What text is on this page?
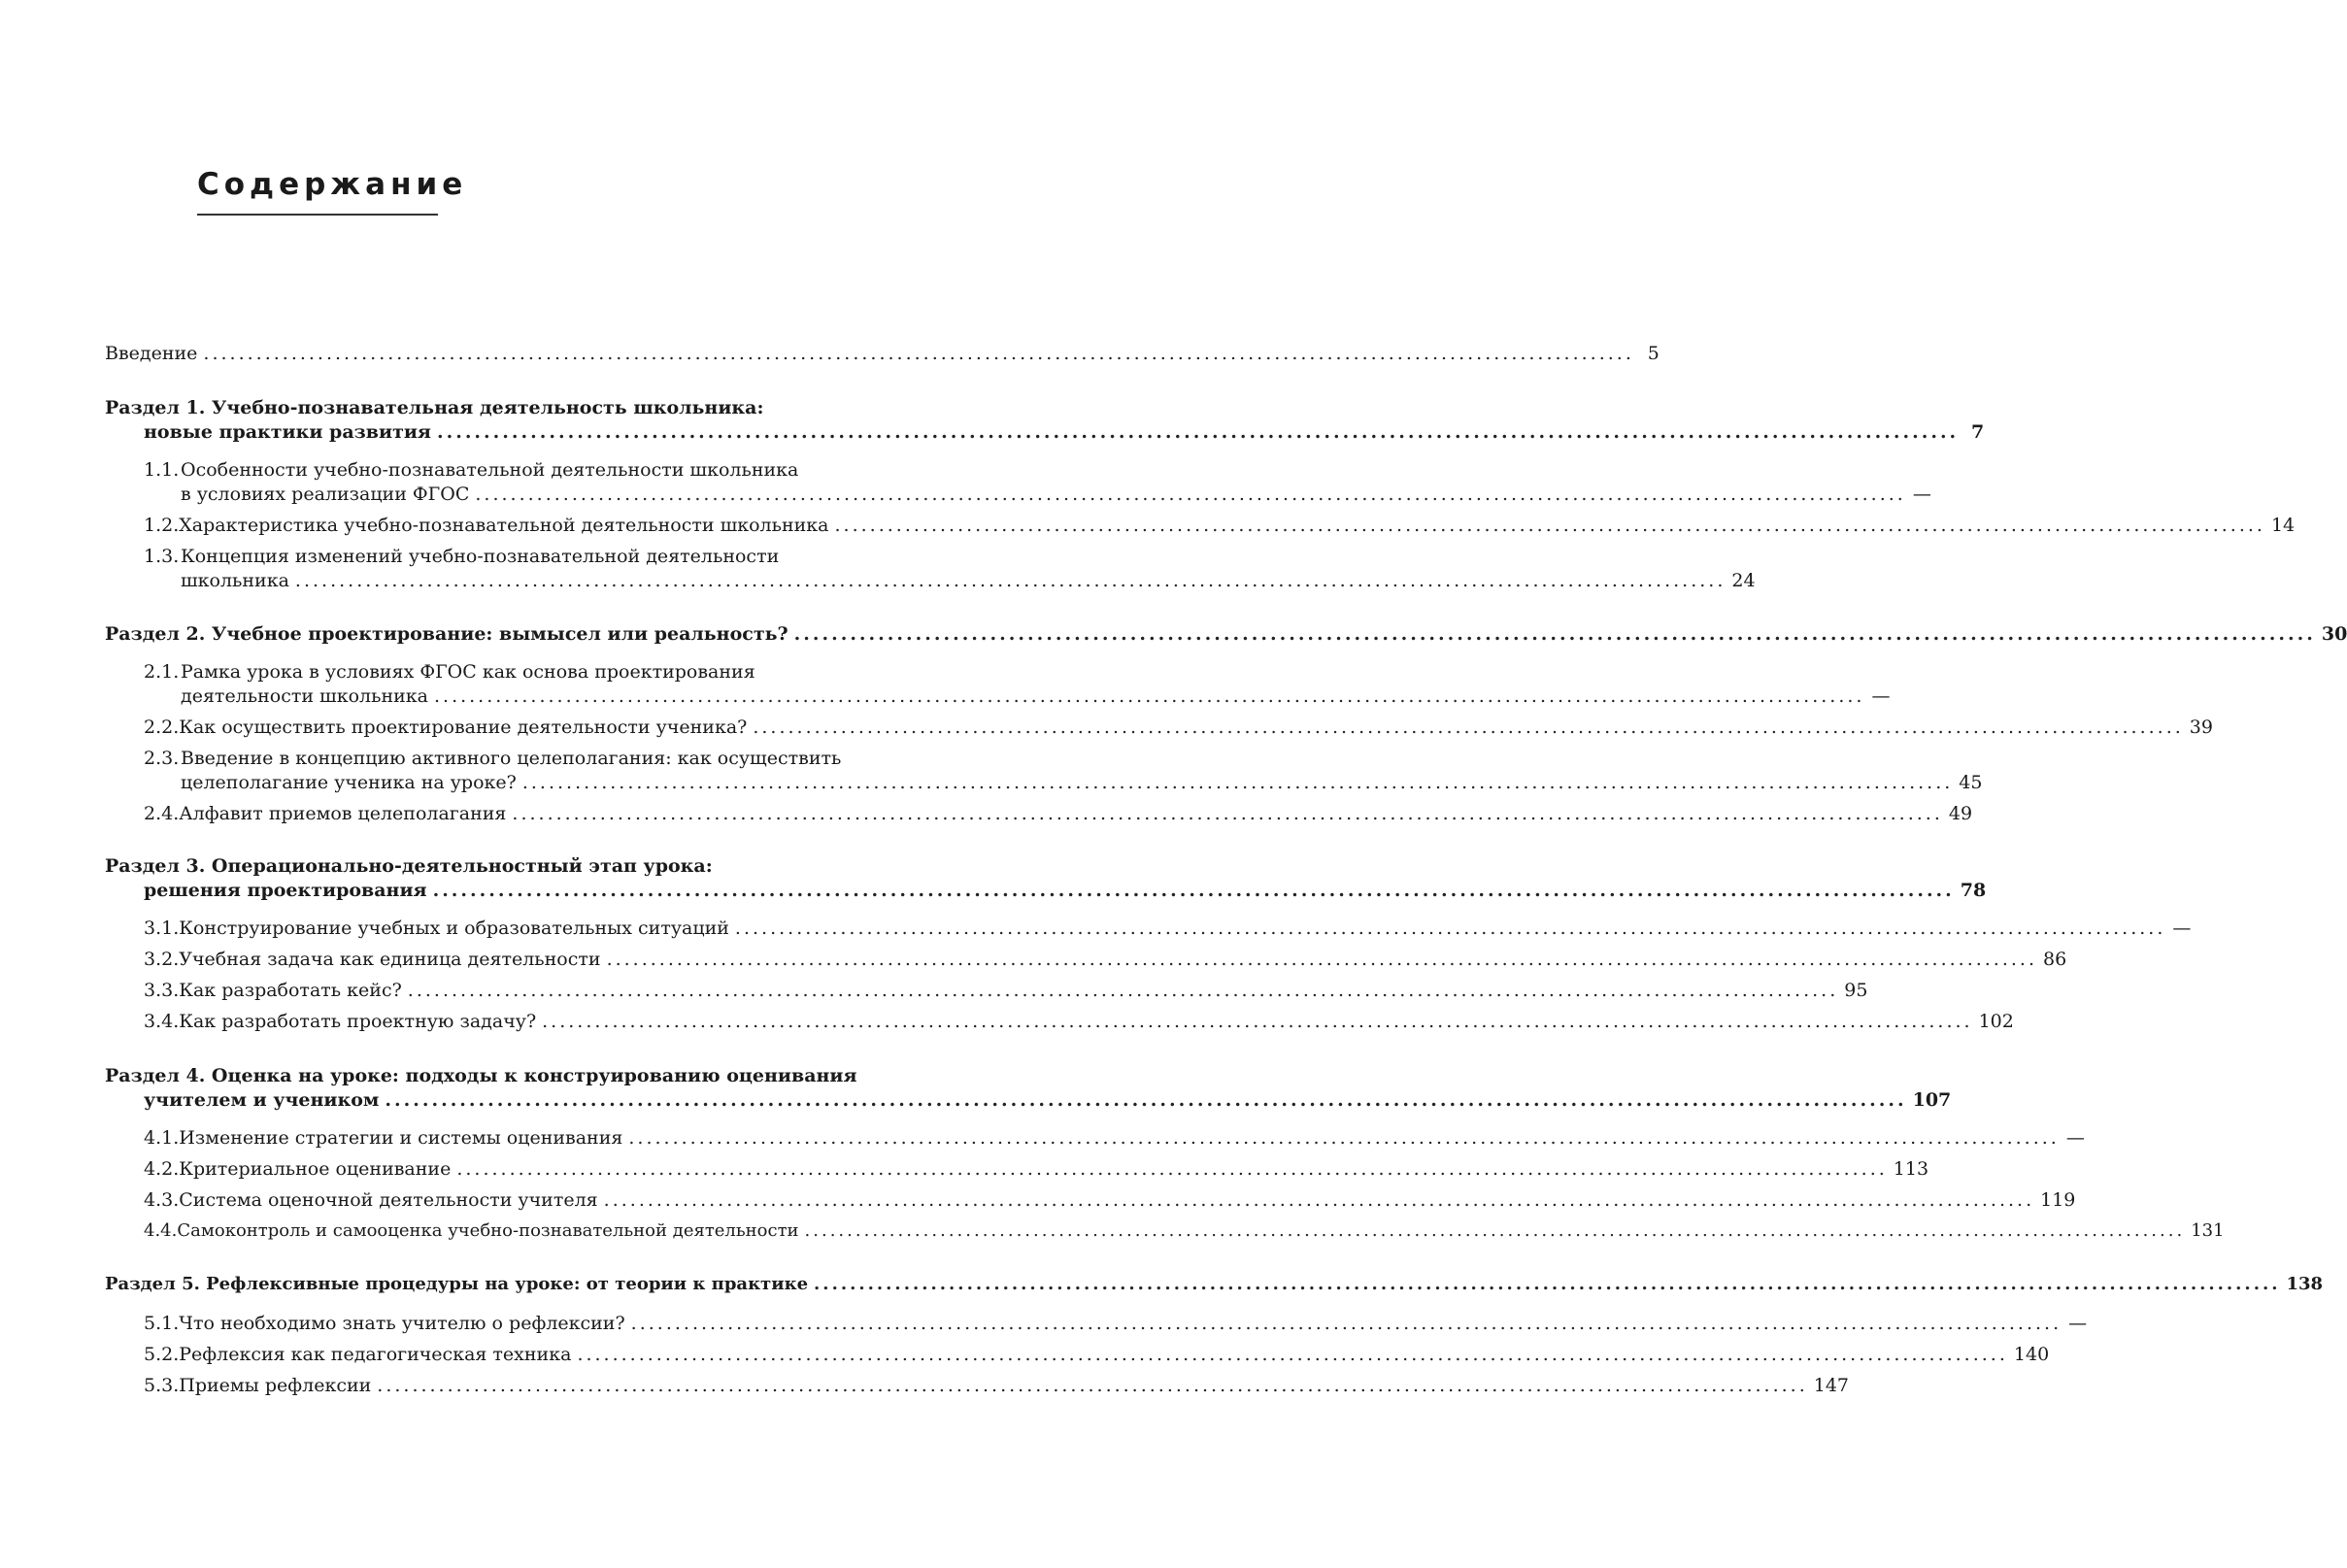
Содержание
Введение ................................................................................................................................................................... 5
Раздел 1. Учебно-познавательная деятельность школьника:
новые практики развития ................................................................................................................................................................... 7
1.1. Особенности учебно-познавательной деятельности школьника
в условиях реализации ФГОС ................................................................................................................................................................... —
1.2. Характеристика учебно-познавательной деятельности школьника ................................................................................................................................................................... 14
1.3. Концепция изменений учебно-познавательной деятельности
школьника ................................................................................................................................................................... 24
Раздел 2. Учебное проектирование: вымысел или реальность? ................................................................................................................................................................... 30
2.1. Рамка урока в условиях ФГОС как основа проектирования
деятельности школьника ................................................................................................................................................................... —
2.2. Как осуществить проектирование деятельности ученика? ................................................................................................................................................................... 39
2.3. Введение в концепцию активного целеполагания: как осуществить
целеполагание ученика на уроке? ................................................................................................................................................................... 45
2.4. Алфавит приемов целеполагания ................................................................................................................................................................... 49
Раздел 3. Операционально-деятельностный этап урока:
решения проектирования ................................................................................................................................................................... 78
3.1. Конструирование учебных и образовательных ситуаций ................................................................................................................................................................... —
3.2. Учебная задача как единица деятельности ................................................................................................................................................................... 86
3.3. Как разработать кейс? ................................................................................................................................................................... 95
3.4. Как разработать проектную задачу? ................................................................................................................................................................... 102
Раздел 4. Оценка на уроке: подходы к конструированию оценивания
учителем и учеником ................................................................................................................................................................... 107
4.1. Изменение стратегии и системы оценивания ................................................................................................................................................................... —
4.2. Критериальное оценивание ................................................................................................................................................................... 113
4.3. Система оценочной деятельности учителя ................................................................................................................................................................... 119
4.4. Самоконтроль и самооценка учебно-познавательной деятельности ................................................................................................................................................................... 131
Раздел 5. Рефлексивные процедуры на уроке: от теории к практике ................................................................................................................................................................... 138
5.1. Что необходимо знать учителю о рефлексии? ................................................................................................................................................................... —
5.2. Рефлексия как педагогическая техника ................................................................................................................................................................... 140
5.3. Приемы рефлексии ................................................................................................................................................................... 147
